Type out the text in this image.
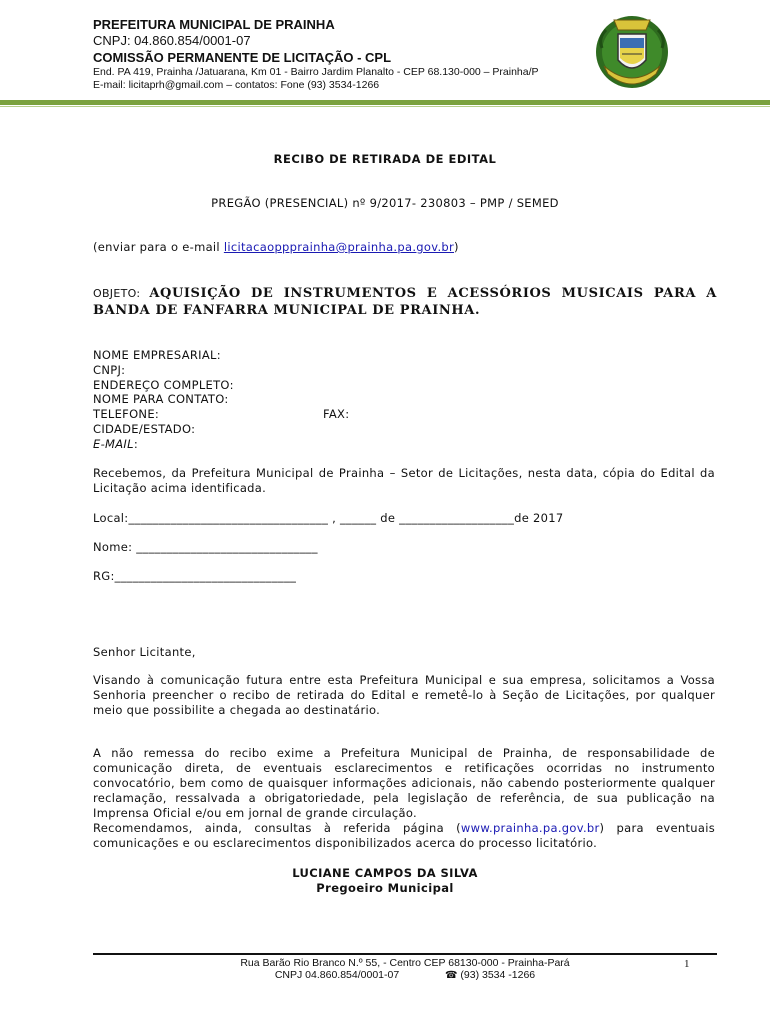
PREFEITURA MUNICIPAL DE PRAINHA
CNPJ: 04.860.854/0001-07
COMISSÃO PERMANENTE DE LICITAÇÃO - CPL
End. PA 419, Prainha /Jatuarana, Km 01 - Bairro Jardim Planalto - CEP 68.130-000 – Prainha/P
E-mail: licitaprh@gmail.com – contatos: Fone (93) 3534-1266
RECIBO DE RETIRADA DE EDITAL
PREGÃO (PRESENCIAL) nº 9/2017- 230803 – PMP / SEMED
(enviar para o e-mail licitacaoppprainha@prainha.pa.gov.br)
OBJETO: AQUISIÇÃO DE INSTRUMENTOS E ACESSÓRIOS MUSICAIS PARA A BANDA DE FANFARRA MUNICIPAL DE PRAINHA.
NOME EMPRESARIAL:
CNPJ:
ENDEREÇO COMPLETO:
NOME PARA CONTATO:
TELEFONE:
CIDADE/ESTADO:
E-MAIL:
FAX:
Recebemos, da Prefeitura Municipal de Prainha – Setor de Licitações, nesta data, cópia do Edital da Licitação acima identificada.
Local:_________________________________ , ______ de ___________________de 2017
Nome: ______________________________
RG:______________________________
Senhor Licitante,
Visando à comunicação futura entre esta Prefeitura Municipal e sua empresa, solicitamos a Vossa Senhoria preencher o recibo de retirada do Edital e remetê-lo à Seção de Licitações, por qualquer meio que possibilite a chegada ao destinatário.
A não remessa do recibo exime a Prefeitura Municipal de Prainha, de responsabilidade de comunicação direta, de eventuais esclarecimentos e retificações ocorridas no instrumento convocatório, bem como de quaisquer informações adicionais, não cabendo posteriormente qualquer reclamação, ressalvada a obrigatoriedade, pela legislação de referência, de sua publicação na Imprensa Oficial e/ou em jornal de grande circulação.
Recomendamos, ainda, consultas à referida página (www.prainha.pa.gov.br) para eventuais comunicações e ou esclarecimentos disponibilizados acerca do processo licitatório.
LUCIANE CAMPOS DA SILVA
Pregoeiro Municipal
Rua Barão Rio Branco N.º 55, - Centro CEP 68130-000 - Prainha-Pará
CNPJ 04.860.854/0001-07	☎ (93) 3534 -1266
1
